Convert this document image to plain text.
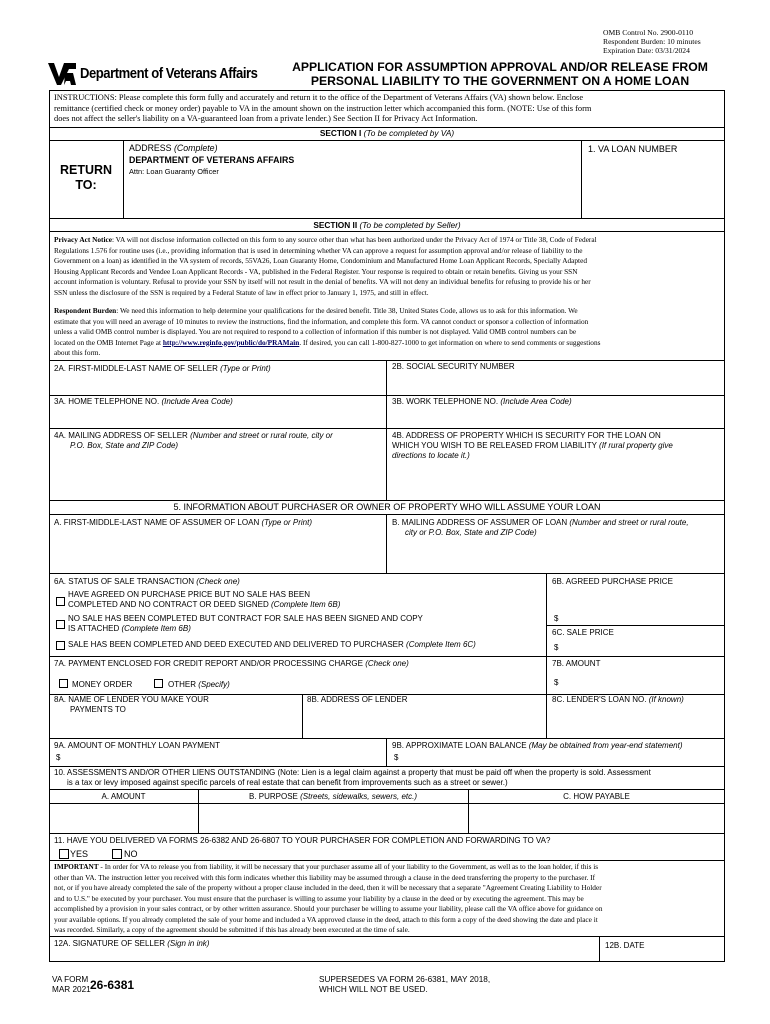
OMB Control No. 2900-0110
Respondent Burden: 10 minutes
Expiration Date: 03/31/2024
Department of Veterans Affairs	APPLICATION FOR ASSUMPTION APPROVAL AND/OR RELEASE FROM
PERSONAL LIABILITY TO THE GOVERNMENT ON A HOME LOAN
INSTRUCTIONS: Please complete this form fully and accurately and return it to the office of the Department of Veterans Affairs (VA) shown below. Enclose
remittance (certified check or money order) payable to VA in the amount shown on the instruction letter which accompanied this form. (NOTE: Use of this form
does not affect the seller's liability on a VA-guaranteed loan from a private lender.) See Section II for Privacy Act Information.
SECTION I (To be completed by VA)
RETURN
TO:
ADDRESS (Complete)
DEPARTMENT OF VETERANS AFFAIRS
Attn: Loan Guaranty Officer
1. VA LOAN NUMBER
SECTION II (To be completed by Seller)
Privacy Act Notice: VA will not disclose information collected on this form to any source other than what has been authorized under the Privacy Act of 1974 or Title 38, Code of Federal
Regulations 1.576 for routine uses (i.e., providing information that is used in determining whether VA can approve a request for assumption approval and/or release of liability to the
Government on a loan) as identified in the VA system of records, 55VA26, Loan Guaranty Home, Condominium and Manufactured Home Loan Applicant Records, Specially Adapted
Housing Applicant Records and Vendee Loan Applicant Records - VA, published in the Federal Register. Your response is required to obtain or retain benefits. Giving us your SSN
account information is voluntary. Refusal to provide your SSN by itself will not result in the denial of benefits. VA will not deny an individual benefits for refusing to provide his or her
SSN unless the disclosure of the SSN is required by a Federal Statute of law in effect prior to January 1, 1975, and still in effect.
Respondent Burden: We need this information to help determine your qualifications for the desired benefit. Title 38, United States Code, allows us to ask for this information. We
estimate that you will need an average of 10 minutes to review the instructions, find the information, and complete this form. VA cannot conduct or sponsor a collection of information
unless a valid OMB control number is displayed. You are not required to respond to a collection of information if this number is not displayed. Valid OMB control numbers can be
located on the OMB Internet Page at http://www.reginfo.gov/public/do/PRAMain. If desired, you can call 1-800-827-1000 to get information on where to send comments or suggestions
about this form.
2A. FIRST-MIDDLE-LAST NAME OF SELLER (Type or Print)	2B. SOCIAL SECURITY NUMBER
3A. HOME TELEPHONE NO. (Include Area Code)	3B. WORK TELEPHONE NO. (Include Area Code)
4A. MAILING ADDRESS OF SELLER (Number and street or rural route, city or
P.O. Box, State and ZIP Code)
4B. ADDRESS OF PROPERTY WHICH IS SECURITY FOR THE LOAN ON
WHICH YOU WISH TO BE RELEASED FROM LIABILITY (If rural property give
directions to locate it.)
5. INFORMATION ABOUT PURCHASER OR OWNER OF PROPERTY WHO WILL ASSUME YOUR LOAN
A. FIRST-MIDDLE-LAST NAME OF ASSUMER OF LOAN (Type or Print)	B. MAILING ADDRESS OF ASSUMER OF LOAN (Number and street or rural route,
city or P.O. Box, State and ZIP Code)
6A. STATUS OF SALE TRANSACTION (Check one)
HAVE AGREED ON PURCHASE PRICE BUT NO SALE HAS BEEN
COMPLETED AND NO CONTRACT OR DEED SIGNED (Complete Item 6B)
NO SALE HAS BEEN COMPLETED BUT CONTRACT FOR SALE HAS BEEN SIGNED AND COPY
IS ATTACHED (Complete Item 6B)
SALE HAS BEEN COMPLETED AND DEED EXECUTED AND DELIVERED TO PURCHASER (Complete Item 6C)
6B. AGREED PURCHASE PRICE
$
6C. SALE PRICE
$
7A. PAYMENT ENCLOSED FOR CREDIT REPORT AND/OR PROCESSING CHARGE (Check one)
MONEY ORDER	OTHER (Specify)
7B. AMOUNT
$
8A. NAME OF LENDER YOU MAKE YOUR
PAYMENTS TO
8B. ADDRESS OF LENDER	8C. LENDER'S LOAN NO. (If known)
9A. AMOUNT OF MONTHLY LOAN PAYMENT
$
9B. APPROXIMATE LOAN BALANCE (May be obtained from year-end statement)
$
10. ASSESSMENTS AND/OR OTHER LIENS OUTSTANDING (Note: Lien is a legal claim against a property that must be paid off when the property is sold. Assessment
is a tax or levy imposed against specific parcels of real estate that can benefit from improvements such as a street or sewer.)
A. AMOUNT	B. PURPOSE (Streets, sidewalks, sewers, etc.)	C. HOW PAYABLE
11. HAVE YOU DELIVERED VA FORMS 26-6382 AND 26-6807 TO YOUR PURCHASER FOR COMPLETION AND FORWARDING TO VA?
YES	NO
IMPORTANT - In order for VA to release you from liability, it will be necessary that your purchaser assume all of your liability to the Government, as well as to the loan holder, if this is
other than VA. The instruction letter you received with this form indicates whether this liability may be assumed through a clause in the deed transferring the property to the purchaser. If
not, or if you have already completed the sale of the property without a proper clause included in the deed, then it will be necessary that a separate "Agreement Creating Liability to Holder
and to U.S." be executed by your purchaser. You must ensure that the purchaser is willing to assume your liability by a clause in the deed or by executing the agreement. This may be
accomplished by a provision in your sales contract, or by other written assurance. Should your purchaser be willing to assume your liability, please call the VA office above for guidance on
your available options. If you already completed the sale of your home and included a VA approved clause in the deed, attach to this form a copy of the deed showing the date and place it
was recorded. Similarly, a copy of the agreement should be submitted if this has already been executed at the time of sale.
12A. SIGNATURE OF SELLER (Sign in ink)	12B. DATE
VA FORM
MAR 2021 26-6381	SUPERSEDES VA FORM 26-6381, MAY 2018,
WHICH WILL NOT BE USED.
